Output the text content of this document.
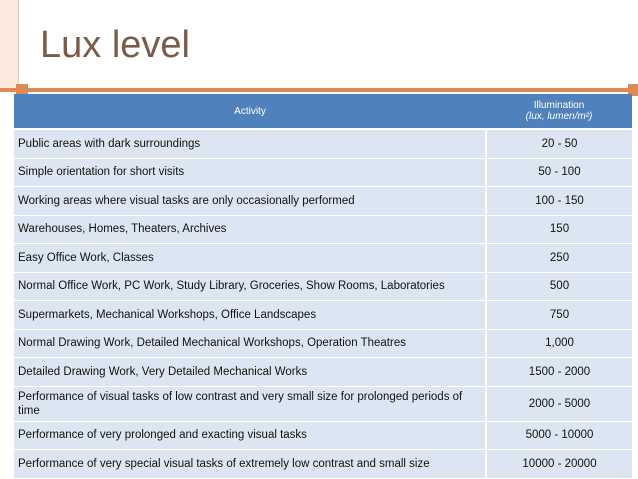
Lux level
Activity	Illumination
(lux, lumen/m²)

Public areas with dark surroundings	20 - 50
Simple orientation for short visits	50 - 100
Working areas where visual tasks are only occasionally performed	100 - 150
Warehouses, Homes, Theaters, Archives	150
Easy Office Work, Classes	250
Normal Office Work, PC Work, Study Library, Groceries, Show Rooms, Laboratories	500
Supermarkets, Mechanical Workshops, Office Landscapes	750
Normal Drawing Work, Detailed Mechanical Workshops, Operation Theatres	1,000
Detailed Drawing Work, Very Detailed Mechanical Works	1500 - 2000
Performance of visual tasks of low contrast and very small size for prolonged periods of time	2000 - 5000
Performance of very prolonged and exacting visual tasks	5000 - 10000
Performance of very special visual tasks of extremely low contrast and small size	10000 - 20000
